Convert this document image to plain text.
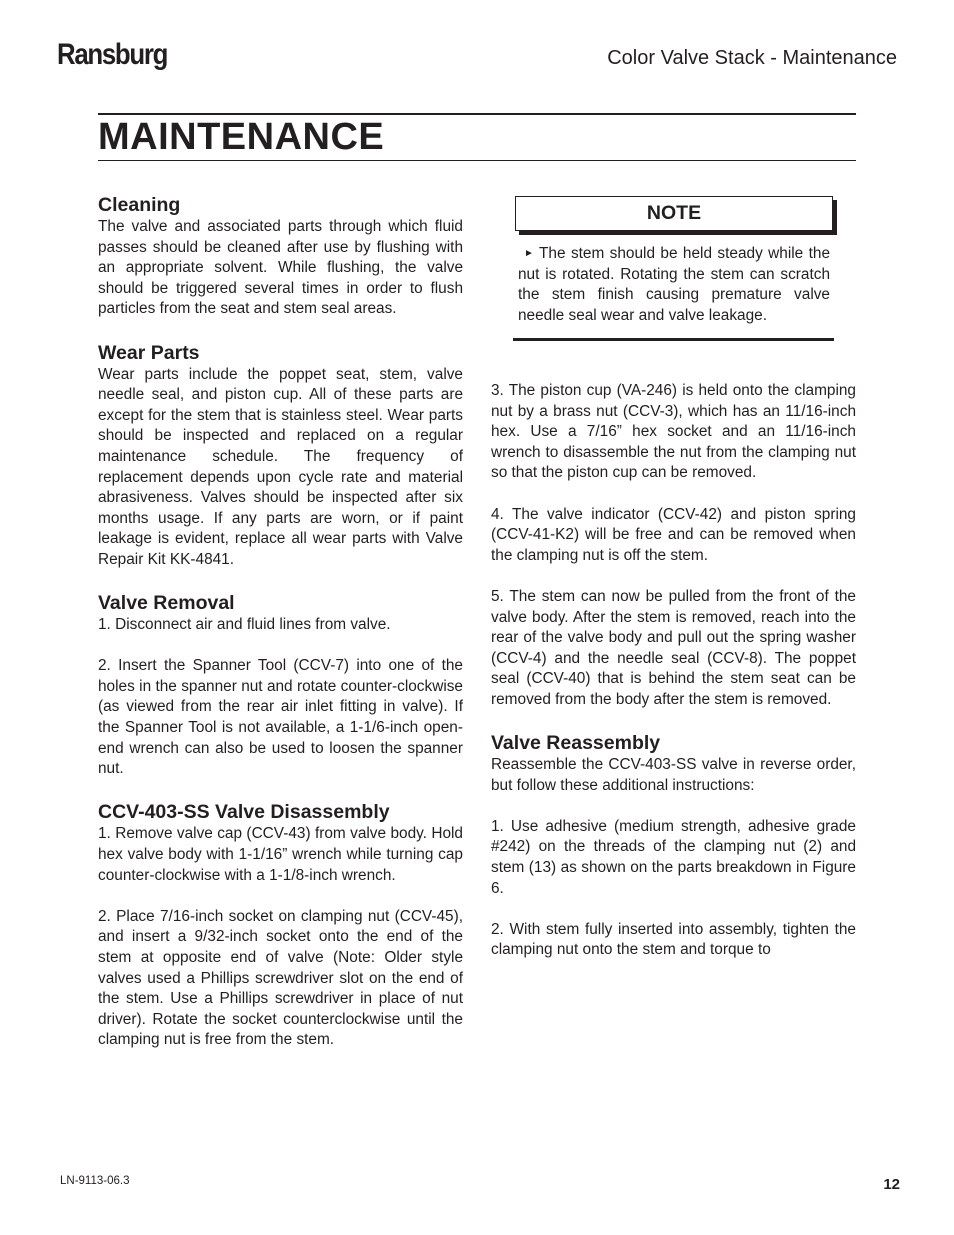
Ransburg	Color Valve Stack - Maintenance
MAINTENANCE
Cleaning

The valve and associated parts through which fluid passes should be cleaned after use by flushing with an appropriate solvent. While flushing, the valve should be triggered several times in order to flush particles from the seat and stem seal areas.

Wear Parts

Wear parts include the poppet seat, stem, valve needle seal, and piston cup. All of these parts are except for the stem that is stainless steel. Wear parts should be inspected and replaced on a regular maintenance schedule. The frequency of replacement depends upon cycle rate and material abrasiveness. Valves should be inspected after six months usage. If any parts are worn, or if paint leakage is evident, replace all wear parts with Valve Repair Kit KK-4841.

Valve Removal

1. Disconnect air and fluid lines from valve.

2. Insert the Spanner Tool (CCV-7) into one of the holes in the spanner nut and rotate counter-clockwise (as viewed from the rear air inlet fitting in valve). If the Spanner Tool is not available, a 1-1/6-inch open-end wrench can also be used to loosen the spanner nut.

CCV-403-SS Valve Disassembly

1. Remove valve cap (CCV-43) from valve body. Hold hex valve body with 1-1/16” wrench while turning cap counter-clockwise with a 1-1/8-inch wrench.

2. Place 7/16-inch socket on clamping nut (CCV-45), and insert a 9/32-inch socket onto the end of the stem at opposite end of valve (Note: Older style valves used a Phillips screwdriver slot on the end of the stem. Use a Phillips screwdriver in place of nut driver). Rotate the socket counterclockwise until the clamping nut is free from the stem.

NOTE
► The stem should be held steady while the nut is rotated. Rotating the stem can scratch the stem finish causing premature valve needle seal wear and valve leakage.

3. The piston cup (VA-246) is held onto the clamping nut by a brass nut (CCV-3), which has an 11/16-inch hex. Use a 7/16” hex socket and an 11/16-inch wrench to disassemble the nut from the clamping nut so that the piston cup can be removed.

4. The valve indicator (CCV-42) and piston spring (CCV-41-K2) will be free and can be removed when the clamping nut is off the stem.

5. The stem can now be pulled from the front of the valve body. After the stem is removed, reach into the rear of the valve body and pull out the spring washer (CCV-4) and the needle seal (CCV-8). The poppet seal (CCV-40) that is behind the stem seat can be removed from the body after the stem is removed.

Valve Reassembly

Reassemble the CCV-403-SS valve in reverse order, but follow these additional instructions:

1. Use adhesive (medium strength, adhesive grade #242) on the threads of the clamping nut (2) and stem (13) as shown on the parts breakdown in Figure 6.

2. With stem fully inserted into assembly, tighten the clamping nut onto the stem and torque to

LN-9113-06.3	12
